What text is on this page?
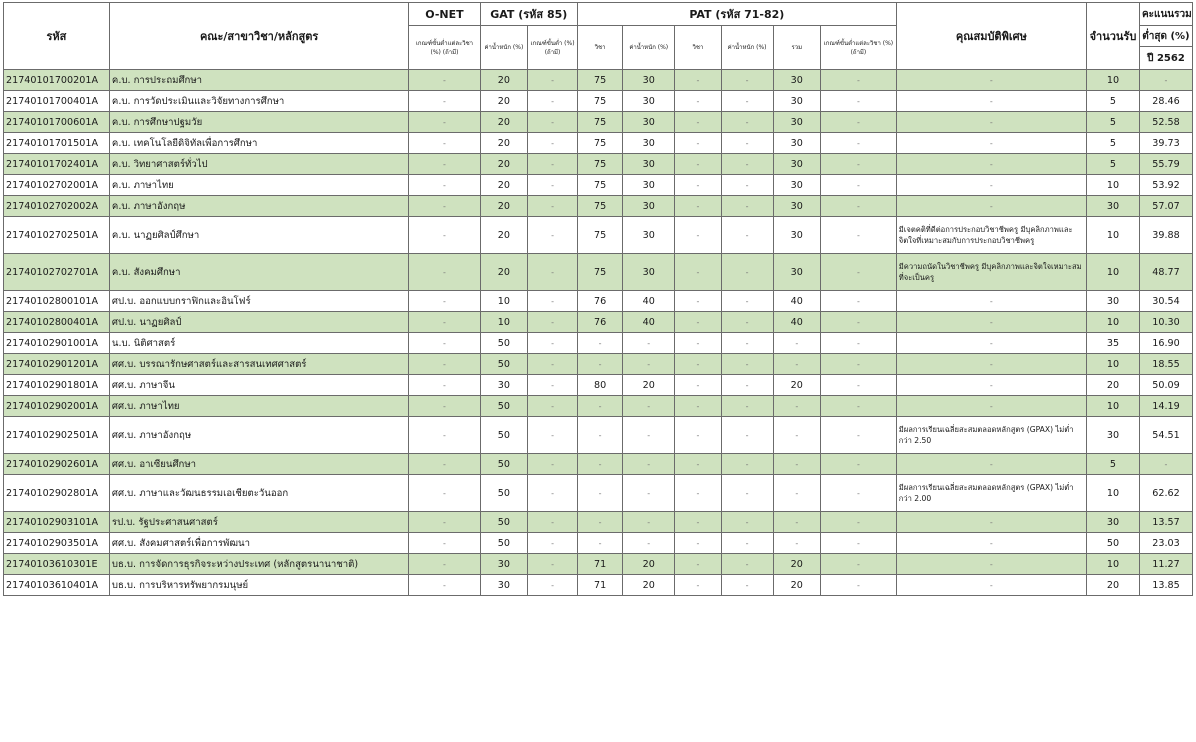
รหัส	คณะ/สาขาวิชา/หลักสูตร	O-NET	GAT (รหัส 85)		PAT (รหัส 71-82)						คุณสมบัติพิเศษ	จำนวนรับ	คะแนนรวม
		เกณฑ์ขั้นต่ำแต่ละวิชา (%) (ถ้ามี)	ค่าน้ำหนัก (%)	เกณฑ์ขั้นต่ำ (%) (ถ้ามี)	วิชา	ค่าน้ำหนัก (%)	วิชา	ค่าน้ำหนัก (%)	รวม	เกณฑ์ขั้นต่ำแต่ละวิชา (%) (ถ้ามี)			ต่ำสุด (%)
													ปี 2562
21740101700201A	ค.บ. การประถมศึกษา	-	20	-	75	30	-	-	30	-	-	10	-
21740101700401A	ค.บ. การวัดประเมินและวิจัยทางการศึกษา	-	20	-	75	30	-	-	30	-	-	5	28.46
21740101700601A	ค.บ. การศึกษาปฐมวัย	-	20	-	75	30	-	-	30	-	-	5	52.58
21740101701501A	ค.บ. เทคโนโลยีดิจิทัลเพื่อการศึกษา	-	20	-	75	30	-	-	30	-	-	5	39.73
21740101702401A	ค.บ. วิทยาศาสตร์ทั่วไป	-	20	-	75	30	-	-	30	-	-	5	55.79
21740102702001A	ค.บ. ภาษาไทย	-	20	-	75	30	-	-	30	-	-	10	53.92
21740102702002A	ค.บ. ภาษาอังกฤษ	-	20	-	75	30	-	-	30	-	-	30	57.07
21740102702501A	ค.บ. นาฏยศิลป์ศึกษา	-	20	-	75	30	-	-	30	-	มีเจตคติที่ดีต่อการประกอบวิชาชีพครู มีบุคลิกภาพและจิตใจที่เหมาะสมกับการประกอบวิชาชีพครู	10	39.88
21740102702701A	ค.บ. สังคมศึกษา	-	20	-	75	30	-	-	30	-	มีความถนัดในวิชาชีพครู มีบุคลิกภาพและจิตใจเหมาะสมที่จะเป็นครู	10	48.77
21740102800101A	ศป.บ. ออกแบบกราฟิกและอินโฟร์	-	10	-	76	40	-	-	40	-	-	30	30.54
21740102800401A	ศป.บ. นาฏยศิลป์	-	10	-	76	40	-	-	40	-	-	10	10.30
21740102901001A	น.บ. นิติศาสตร์	-	50	-	-	-	-	-	-	-	-	35	16.90
21740102901201A	ศศ.บ. บรรณารักษศาสตร์และสารสนเทศศาสตร์	-	50	-	-	-	-	-	-	-	-	10	18.55
21740102901801A	ศศ.บ. ภาษาจีน	-	30	-	80	20	-	-	20	-	-	20	50.09
21740102902001A	ศศ.บ. ภาษาไทย	-	50	-	-	-	-	-	-	-	-	10	14.19
21740102902501A	ศศ.บ. ภาษาอังกฤษ	-	50	-	-	-	-	-	-	-	มีผลการเรียนเฉลี่ยสะสมตลอดหลักสูตร (GPAX) ไม่ต่ำกว่า 2.50	30	54.51
21740102902601A	ศศ.บ. อาเซียนศึกษา	-	50	-	-	-	-	-	-	-	-	5	-
21740102902801A	ศศ.บ. ภาษาและวัฒนธรรมเอเชียตะวันออก	-	50	-	-	-	-	-	-	-	มีผลการเรียนเฉลี่ยสะสมตลอดหลักสูตร (GPAX) ไม่ต่ำกว่า 2.00	10	62.62
21740102903101A	รป.บ. รัฐประศาสนศาสตร์	-	50	-	-	-	-	-	-	-	-	30	13.57
21740102903501A	ศศ.บ. สังคมศาสตร์เพื่อการพัฒนา	-	50	-	-	-	-	-	-	-	-	50	23.03
21740103610301E	บธ.บ. การจัดการธุรกิจระหว่างประเทศ (หลักสูตรนานาชาติ)	-	30	-	71	20	-	-	20	-	-	10	11.27
21740103610401A	บธ.บ. การบริหารทรัพยากรมนุษย์	-	30	-	71	20	-	-	20	-	-	20	13.85
